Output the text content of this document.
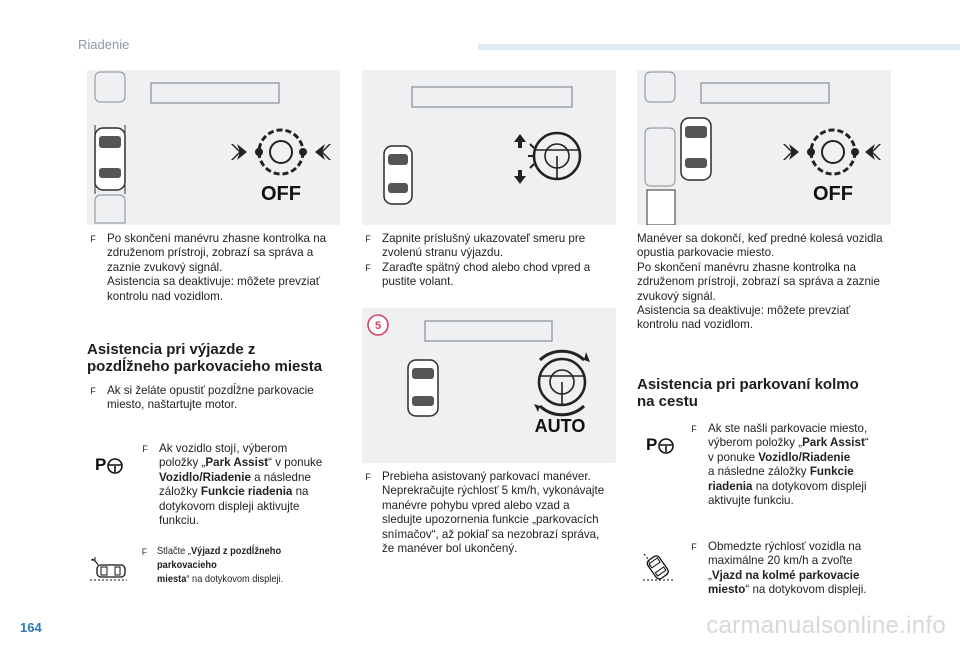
Riadenie
OFF
F Po skončení manévru zhasne kontrolka na
združenom prístroji, zobrazí sa správa a
zaznie zvukový signál.
Asistencia sa deaktivuje: môžete prevziať
kontrolu nad vozidlom.
Asistencia pri výjazde z
pozdĺžneho parkovacieho miesta
F Ak si želáte opustiť pozdĺžne parkovacie
miesto, naštartujte motor.
P
F Ak vozidlo stojí, výberom
položky „Park Assist“ v ponuke
Vozidlo/Riadenie a následne
záložky Funkcie riadenia na
dotykovom displeji aktivujte
funkciu.
F Stlačte „Výjazd z pozdĺžneho parkovacieho
miesta“ na dotykovom displeji.
F Zapnite príslušný ukazovateľ smeru pre
zvolenú stranu výjazdu.
F Zaraďte spätný chod alebo chod vpred a
pustite volant.
5
AUTO
F Prebieha asistovaný parkovací manéver.
Neprekračujte rýchlosť 5 km/h, vykonávajte
manévre pohybu vpred alebo vzad a
sledujte upozornenia funkcie „parkovacích
snímačov“, až pokiaľ sa nezobrazí správa,
že manéver bol ukončený.
OFF
Manéver sa dokončí, keď predné kolesá vozidla
opustia parkovacie miesto.
Po skončení manévru zhasne kontrolka na
združenom prístroji, zobrazí sa správa a zaznie
zvukový signál.
Asistencia sa deaktivuje: môžete prevziať
kontrolu nad vozidlom.
Asistencia pri parkovaní kolmo
na cestu
P
F Ak ste našli parkovacie miesto,
výberom položky „Park Assist“
v ponuke Vozidlo/Riadenie
a následne záložky Funkcie
riadenia na dotykovom displeji
aktivujte funkciu.
F Obmedzte rýchlosť vozidla na
maximálne 20 km/h a zvoľte
„Vjazd na kolmé parkovacie
miesto“ na dotykovom displeji.
164	carmanualsonline.info
